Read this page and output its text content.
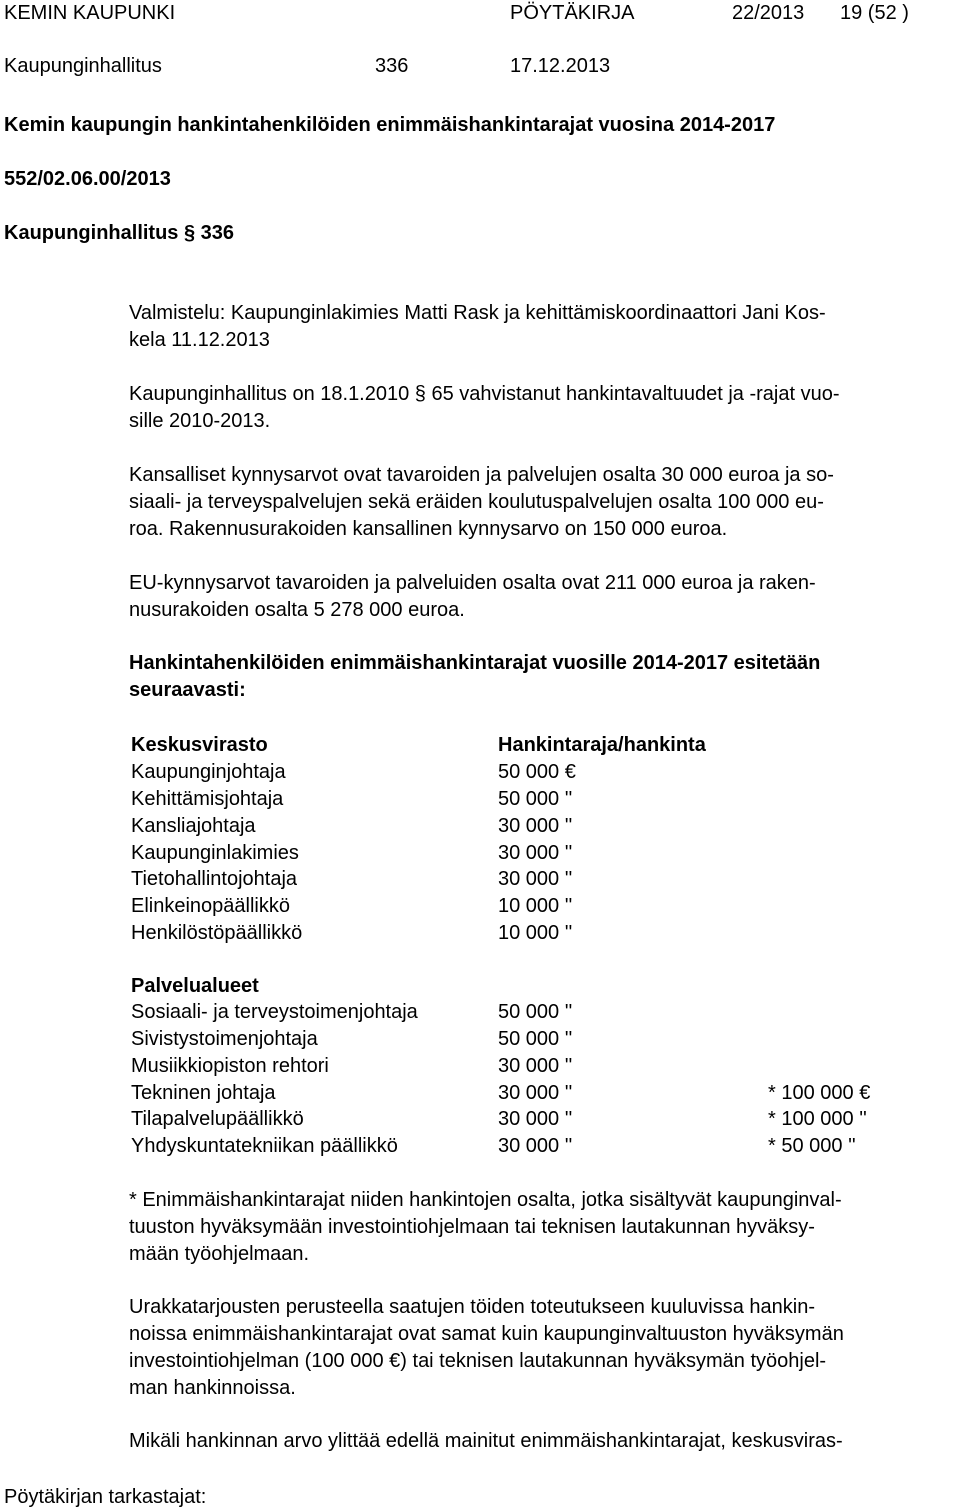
KEMIN KAUPUNKI	PÖYTÄKIRJA	22/2013 19 (52 )
Kaupunginhallitus	336	17.12.2013
Kemin kaupungin hankintahenkilöiden enimmäishankintarajat vuosina 2014-2017
552/02.06.00/2013
Kaupunginhallitus § 336
Valmistelu: Kaupunginlakimies Matti Rask ja kehittämiskoordinaattori Jani Kos-
kela 11.12.2013
Kaupunginhallitus on 18.1.2010 § 65 vahvistanut hankintavaltuudet ja -rajat vuo-
sille 2010-2013.
Kansalliset kynnysarvot ovat tavaroiden ja palvelujen osalta 30 000 euroa ja so-
siaali- ja terveyspalvelujen sekä eräiden koulutuspalvelujen osalta 100 000 eu-
roa. Rakennusurakoiden kansallinen kynnysarvo on 150 000 euroa.
EU-kynnysarvot tavaroiden ja palveluiden osalta ovat 211 000 euroa ja raken-
nusurakoiden osalta 5 278 000 euroa.
Hankintahenkilöiden enimmäishankintarajat vuosille 2014-2017 esitetään
seuraavasti:
Keskusvirasto	Hankintaraja/hankinta
Kaupunginjohtaja	50 000 €
Kehittämisjohtaja	50 000 ''
Kansliajohtaja	30 000 ''
Kaupunginlakimies	30 000 ''
Tietohallintojohtaja	30 000 ''
Elinkeinopäällikkö	10 000 ''
Henkilöstöpäällikkö	10 000 ''
Palvelualueet
Sosiaali- ja terveystoimenjohtaja	50 000 ''
Sivistystoimenjohtaja	50 000 ''
Musiikkiopiston rehtori	30 000 ''
Tekninen johtaja	30 000 ''	* 100 000 €
Tilapalvelupäällikkö	30 000 ''	* 100 000 ''
Yhdyskuntatekniikan päällikkö	30 000 ''	* 50 000 ''
* Enimmäishankintarajat niiden hankintojen osalta, jotka sisältyvät kaupunginval-
tuuston hyväksymään investointiohjelmaan tai teknisen lautakunnan hyväksy-
mään työohjelmaan.
Urakkatarjousten perusteella saatujen töiden toteutukseen kuuluvissa hankin-
noissa enimmäishankintarajat ovat samat kuin kaupunginvaltuuston hyväksymän
investointiohjelman (100 000 €) tai teknisen lautakunnan hyväksymän työohjel-
man hankinnoissa.
Mikäli hankinnan arvo ylittää edellä mainitut enimmäishankintarajat, keskusviras-
Pöytäkirjan tarkastajat:
